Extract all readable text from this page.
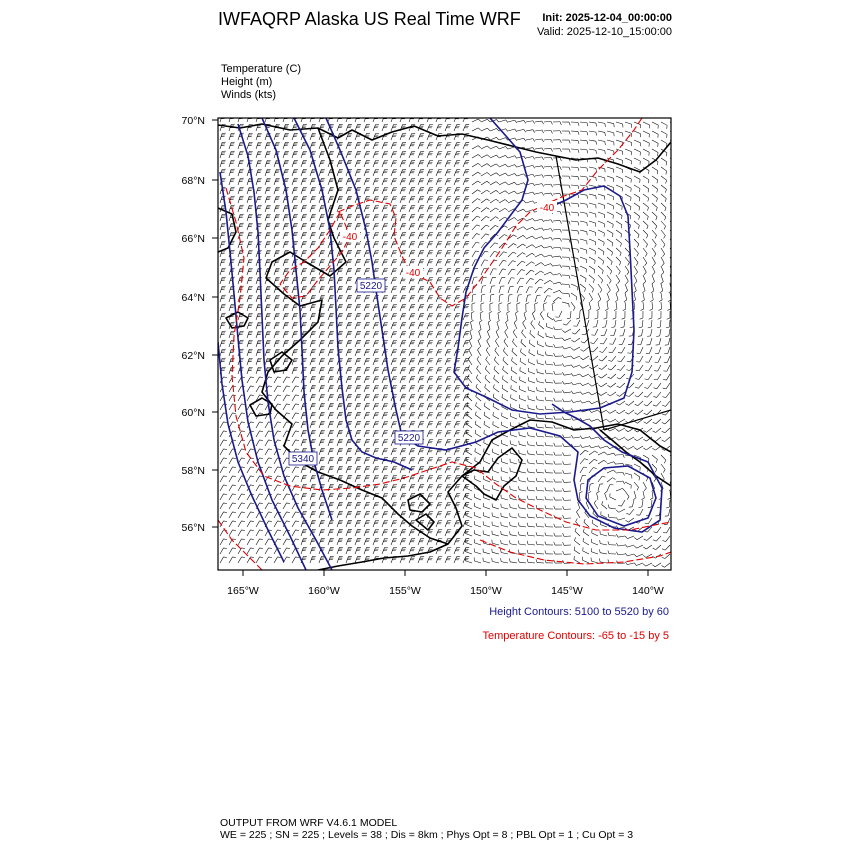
IWFAQRP Alaska US Real Time WRF Init: 2025-12-04_00:00:00
Valid: 2025-12-10_15:00:00
Temperature (C)
Height (m)
Winds (kts)
5220
5220
5340
-40
-40
-40
70°N
68°N
66°N
64°N
62°N
60°N
58°N
56°N
165°W	160°W	155°W	150°W	145°W	140°W
Height Contours: 5100 to 5520 by 60
Temperature Contours: -65 to -15 by 5
OUTPUT FROM WRF V4.6.1 MODEL
WE = 225 ; SN = 225 ; Levels = 38 ; Dis = 8km ; Phys Opt = 8 ; PBL Opt = 1 ; Cu Opt = 3
